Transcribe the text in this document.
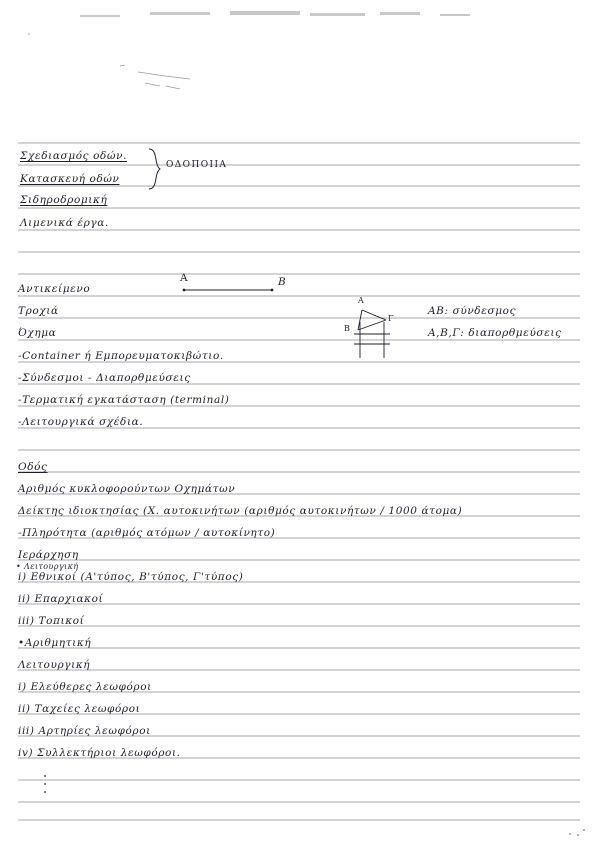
Σχεδιασμός οδών.
Κατασκευή οδών
ΟΔΟΠΟΙΙΑ
Σιδηροδρομική
Λιμενικά έργα.
Αντικείμενο
A	B
Τροχιά
Όχημα
-Container ή Εμπορευματοκιβώτιο.
-Σύνδεσμοι - Διαπορθμεύσεις
-Τερματική εγκατάσταση (terminal)
-Λειτουργικά σχέδια.
A
B
Γ
ΑΒ: σύνδεσμος
Α,Β,Γ: διαπορθμεύσεις
Οδός
Αριθμός κυκλοφορούντων Οχημάτων
Δείκτης ιδιοκτησίας (Χ. αυτοκινήτων (αριθμός αυτοκινήτων / 1000 άτομα)
-Πληρότητα (αριθμός ατόμων / αυτοκίνητο)
Ιεράρχηση
• Λειτουργική
i) Εθνικοί (Α'τύπος, Β'τύπος, Γ'τύπος)
ii) Επαρχιακοί
iii) Τοπικοί
•Αριθμητική
Λειτουργική
i) Ελεύθερες λεωφόροι
ii) Ταχείες λεωφόροι
iii) Αρτηρίες λεωφόροι
iv) Συλλεκτήριοι λεωφόροι.
